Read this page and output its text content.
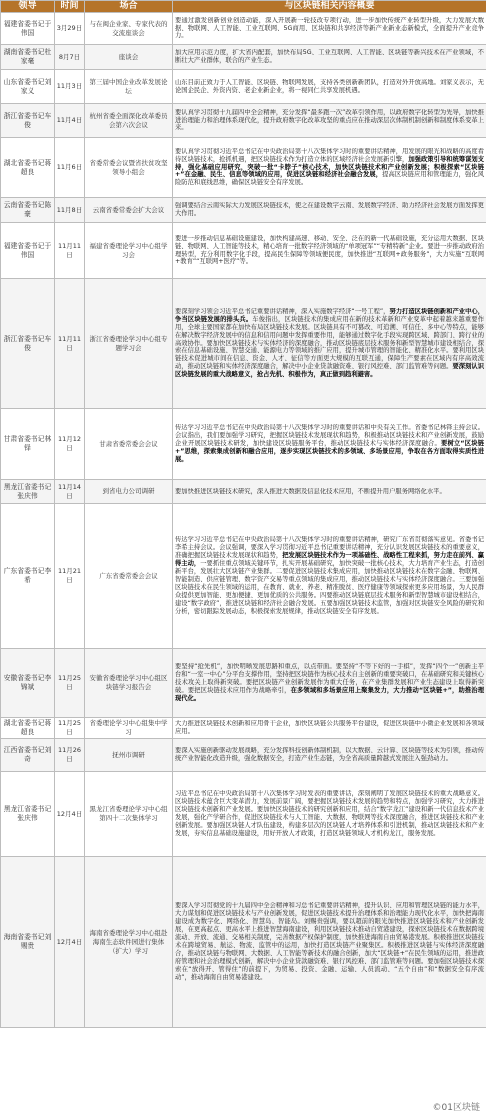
领导	时间	场合	与区块链相关内容概要
福建省委书记于伟国	3月29日	与在闽企业家、专家代表的交流座谈会	要通过激发创新创业创造动能，深入开展新一轮技改专项行动，进一步加快传统产业转型升级，大力发展大数据、物联网、人工智能、工业互联网、5G商用、区块链和共享经济等新产业新业态新模式，全面提升产业竞争力。

湖南省委书记杜家毫	8月7日	座谈会	加大应用示范力度，扩大省内配套，加快布局5G、工业互联网、人工智能、区块链等新兴技术在产业领域，不断壮大产业群体，联合的产业生态。

山东省委书记刘家义	11月3日	第三届中国企业改革发展论坛	山东目前正致力于人工智能、区块链、物联网发展，支持各类创新新团队，打造对外开放高地。刘家义表示，无论国企民企、外资内资、老企业新企业，将一视同仁共享发展机遇。

浙江省委书记车俊	11月4日	杭州省委全面深化改革委员会第六次会议	要认真学习贯彻十九届四中全会精神，充分发挥“最多跑一次”改革引领作用，以政府数字化转型为先导，加快推进治理能力和治理体系现代化，提升政府数字化改革攻坚的重点应在推动深层次体制机制创新和制度体系变革上来。

湖北省委书记蒋超良	11月6日	省委常委会议暨省扶贫攻坚领导小组会	要认真学习贯彻习近平总书记在中央政治局第十八次集体学习时的重要讲话精神，用发展的眼光和战略的高度看待区块链技术，抢抓机遇，把区块链技术作为打造立体的区域经济社会发展新引擎，加强政策引导和统筹谋划支持，强化基础应用研究，突破一批“卡脖子”核心技术，加快区块链技术和产业创新发展；积极探索“区块链+”在金融、民生、信息等领域的应用，促进区块链和经济社会融合发展，提高区块链应用和管理能力，强化风险防范和底线思维，确保区块链安全有序发展。

云南省委书记陈豪	11月8日	云南省委常委会扩大会议	强调要结合云南实际大力发展区块链技术，使之在建设数字云南、发展数字经济、助力经济社会发展方面发挥更大作用。

福建省委书记于伟国	11月11日	福建省委理论学习中心组学习会	要进一步推动信息基础设施建设，加快构建高速、移动、安全、泛在的新一代基础设施，充分运用大数据、区块链、物联网、人工智能等技术，精心培育一批数字经济领域的“单项冠军”“专精特新”企业。要进一步推动政府治理转型，充分利用数字化手段，提高民生保障等领域便民度，加快推进“互联网+政务服务”，大力实施“互联网+教育”“互联网+医疗”等。

浙江省委书记车俊	11月11日	浙江省委理论学习中心组专题学习会	要深刻学习领会习近平总书记重要讲话精神，深入实施数字经济“一号工程”，努力打造区块链创新和产业中心，争当区块链发展的排头兵。车俊指出，区块链技术的集成应用在新的技术革新和产业变革中起着越来越重要作用，全球主要国家都在加快布局区块链技术发展。区块链具有不可篡改、可追溯、可信任、多中心等特点，能够在解决数字经济发展中的信息和信用问题中发挥重要作用，能够通过数字化手段实现跨区域、跨部门、跨行业的高效协作。要加快区块链技术与实体经济的深度融合，推动区块链底层技术服务和新型智慧城市建设相结合，探索在信息基础设施、智慧交通、能源电力等领域的推广应用，提升城市管理的智能化、精准化水平。要利用区块链技术促进城市间在信息、资金、人才、征信等方面更大规模的互联互通，保障生产要素在区域内有序高效流动，推动区块链和实体经济深度融合，解决中小企业贷款融资难、银行风控难、部门监管难等问题。要深刻认识区块链发展的重大战略意义，抢占先机、积极作为，真正做到趋利避害。

甘肃省委书记林铎	11月12日	甘肃省委常委会会议	传达学习习近平总书记在中央政治局第十八次集体学习时的重要讲话和中央有关工作。省委书记林铎主持会议。会议指出，我们要加强学习研究，把握区块链技术发展现状和趋势，积极推动区块链技术和产业创新发展，鼓励企业开展区块链技术研发，加快建设区块链服务平台，推动区块链技术与实体经济深度融合。要树立“区块链+”思维，探索集成创新和融合应用，逐步实现区块链技术的多领域、多场景应用，争取在各方面取得实质性进展。

黑龙江省委书记张庆伟	11月14日	到省电力公司调研	要加快推进区块链技术研究，深入推进大数据及信息化技术应用，不断提升用户服务网络化水平。

广东省委书记李希	11月21日	广东省委常委会会议	传达学习习近平总书记在中央政治局第十八次集体学习时的重要讲话精神，研究广东省贯彻落实意见。省委书记李希主持会议。会议强调，要深入学习贯彻习近平总书记重要讲话精神，充分认识发展区块链技术的重要意义，准确把握区块链技术发展现状和趋势，把发展区块链技术作为一项基础性、战略性工程来抓，努力走在前列、赢得主动，一要抓住重点领域关键环节，扎实开展基础研究，加快突破一批核心技术，大力培育产业生态，打造创新平台，发展壮大区块链产业集群。二要促进区块链技术集成应用，加快推动区块链技术在数字金融、物联网、智能制造、供应链管理、数字资产交易等重点领域的集成应用，推动区块链技术与实体经济深度融合。三要加强区块链技术在民生领域的运用，在教育、就业、养老、精准脱贫、医疗健康等领域探索更多应用场景，为人民群众提供更加智能、更加便捷、更加优质的公共服务。四要推动区块链底层技术服务和新型智慧城市建设相结合，建设“数字政府”，推进区块链和经济社会融合发展。五要加强区块链技术监管，加强对区块链安全风险的研究和分析，密切跟踪发展动态，积极探索发展规律，推动区块链安全有序发展。

安徽省委书记李锦斌	11月25日	安徽省委理论学习中心组区块链学习报告会	要坚持“抢先机”，加快明晰发展思路和重点，以点带面。要坚持“不等下好的一手棋”，发挥“四个一”创新主平台和“一室一中心”分平台支撑作用，坚持把区块链作为核心技术自主创新的重要突破口，在基础研究和关键核心技术攻关上取得新突破。要把区块链产业创新发展作为重大任务，在产业集群发展和产业生态建设上取得新突破。要把区块链技术应用作为战略牵引，在多领域和多场景应用上聚集发力，大力推动“区块链+”，助推治理现代化。

湖北省委书记蒋超良	11月25日	省委理论学习中心组集中学习	大力推进区块链技术创新和应用骨干企业，加快区块链公共服务平台建设，促进区块链中小微企业发展和各领域应用。

江西省委书记刘奇	11月26日	抚州市调研	要深入实施创新驱动发展战略，充分发挥科技创新体制机制，以大数据、云计算、区块链等技术为引领，推动传统产业智能化改造升级，强化数据安全，打造产业生态链，为全省高质量跨越式发展注入强劲动力。

黑龙江省委书记张庆伟	12月4日	黑龙江省委理论学习中心组第四十二次集体学习	习近平总书记在中央政治局第十八次集体学习时发表的重要讲话，深刻阐明了发展区块链技术的重大战略意义。区块链技术蕴含巨大变革潜力，发展前景广阔，要把握区块链技术发展的趋势和特点，加强学习研究，大力推进区块链技术创新和产业发展。要加快区块链技术的研究创新和应用，结合“数字龙江”建设和新一代信息技术产业发展，强化产学研合作，促进区块链技术与人工智能、大数据、物联网等技术深度融合，推进区块链技术和产业创新发展。要加强区块链人才队伍建设，构建多层次的区块链人才培养体系和引进机制，推动区块链技术和产业发展，夯实信息基础设施建设，用好开放人才政策，打造区块链领域人才机构龙江，服务发展。

海南省委书记刘赐贵	12月4日	海南省委理论学习中心组赴海南生态软件园进行集体（扩大）学习	要深入学习贯彻党的十九届四中全会精神和习总书记重要讲话精神，提升认识、应用和管理区块链的能力水平，大力谋划和促进区块链技术与产业创新发展，促进区块链技术提升治理体系和治理能力现代化水平，加快把海南建设成为数字化、网络化、智慧岛、智能岛。刘赐贵强调，要以超前的眼光加快推进区块链技术和产业创新发展，在更高起点、更高水平上推进智慧海南建设，利用区块链技术推动自贸港建设，探索区块链技术在数据跨境流动、开放、流通、交易相关制度，完善数据产权保护制度，加快推进海南自由贸易港发展。积极推进区块链技术在跨境贸易、航运、物流、监管中的运用，加快打造区块链产业聚集区。积极推进区块链与实体经济深度融合，推动区块链与物联网、大数据、人工智能等新技术的融合创新，加大“区块链+”在民生领域的运用，推进政府管理和社会治理模式创新，解决中小企业贷款融资难、银行风控难、部门监管难等问题。要加强区块链技术探索在“放得开、管得住”的前提下，为贸易、投资、金融、运输、人员流动、“五个自由”和“数据安全有序流动”，推动海南自由贸易港建设。
©01区块链
